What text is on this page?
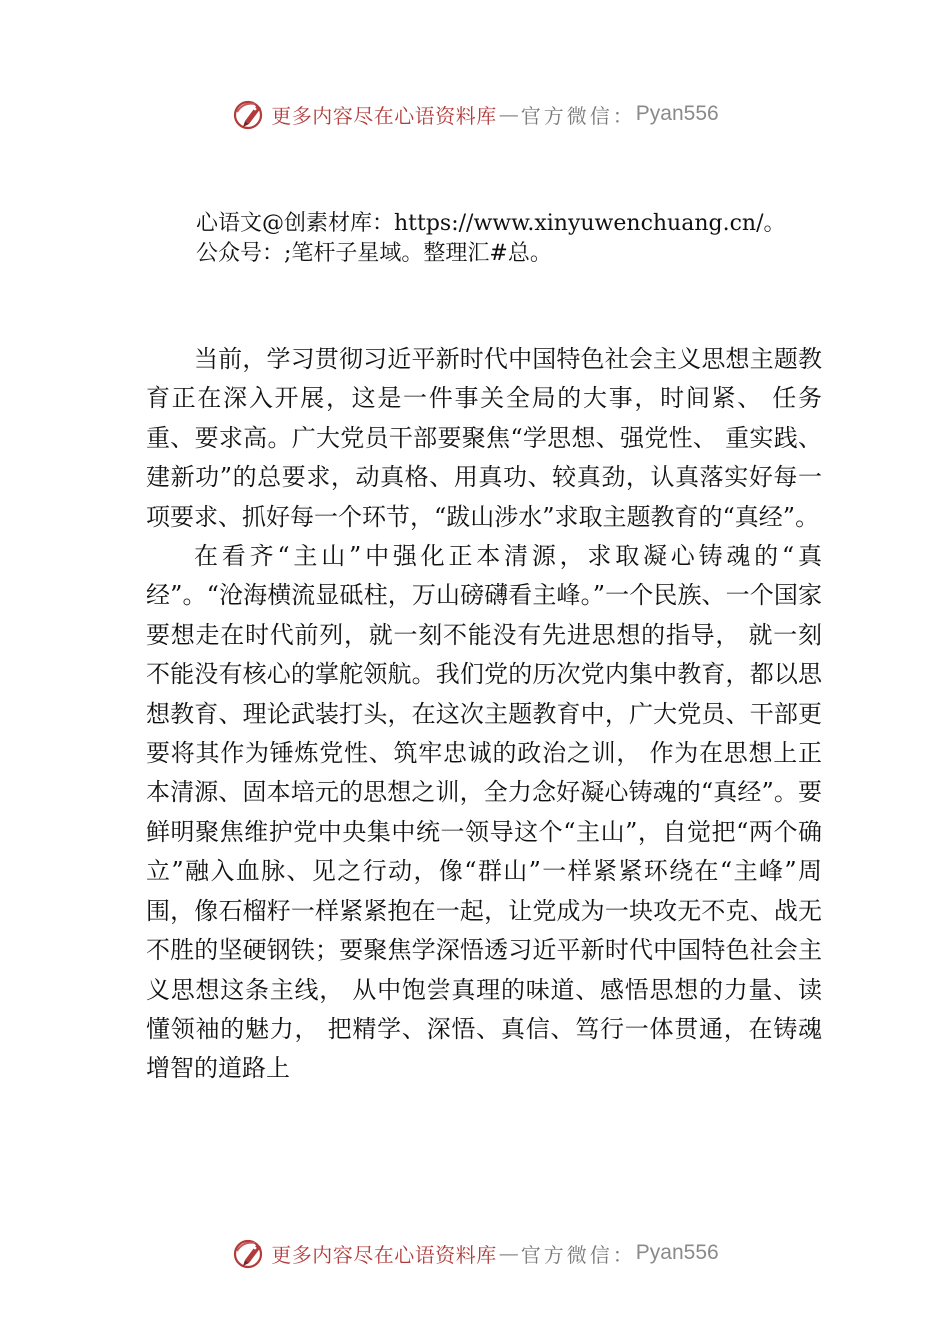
更多内容尽在心语资料库 — 官方微信： Pyan556
心语文@创素材库：https://www.xinyuwenchuang.cn/。
公众号：;笔杆子星域。整理汇#总。

当前，学习贯彻习近平新时代中国特色社会主义思想主题教育正在深入开展，这是一件事关全局的大事，时间紧、 任务重、要求高。广大党员干部要聚焦“学思想、强党性、 重实践、建新功”的总要求，动真格、用真功、较真劲，认真落实好每一项要求、抓好每一个环节，“跋山涉水”求取主题教育的“真经”。

在看齐“主山”中强化正本清源，求取凝心铸魂的“真经”。“沧海横流显砥柱，万山磅礴看主峰。”一个民族、一个国家要想走在时代前列，就一刻不能没有先进思想的指导， 就一刻不能没有核心的掌舵领航。我们党的历次党内集中教育，都以思想教育、理论武装打头，在这次主题教育中，广大党员、干部更要将其作为锤炼党性、筑牢忠诚的政治之训， 作为在思想上正本清源、固本培元的思想之训，全力念好凝心铸魂的“真经”。要鲜明聚焦维护党中央集中统一领导这个“主山”，自觉把“两个确立”融入血脉、见之行动，像“群山”一样紧紧环绕在“主峰”周围，像石榴籽一样紧紧抱在一起，让党成为一块攻无不克、战无不胜的坚硬钢铁；要聚焦学深悟透习近平新时代中国特色社会主义思想这条主线， 从中饱尝真理的味道、感悟思想的力量、读懂领袖的魅力， 把精学、深悟、真信、笃行一体贯通，在铸魂增智的道路上

更多内容尽在心语资料库 — 官方微信： Pyan556
